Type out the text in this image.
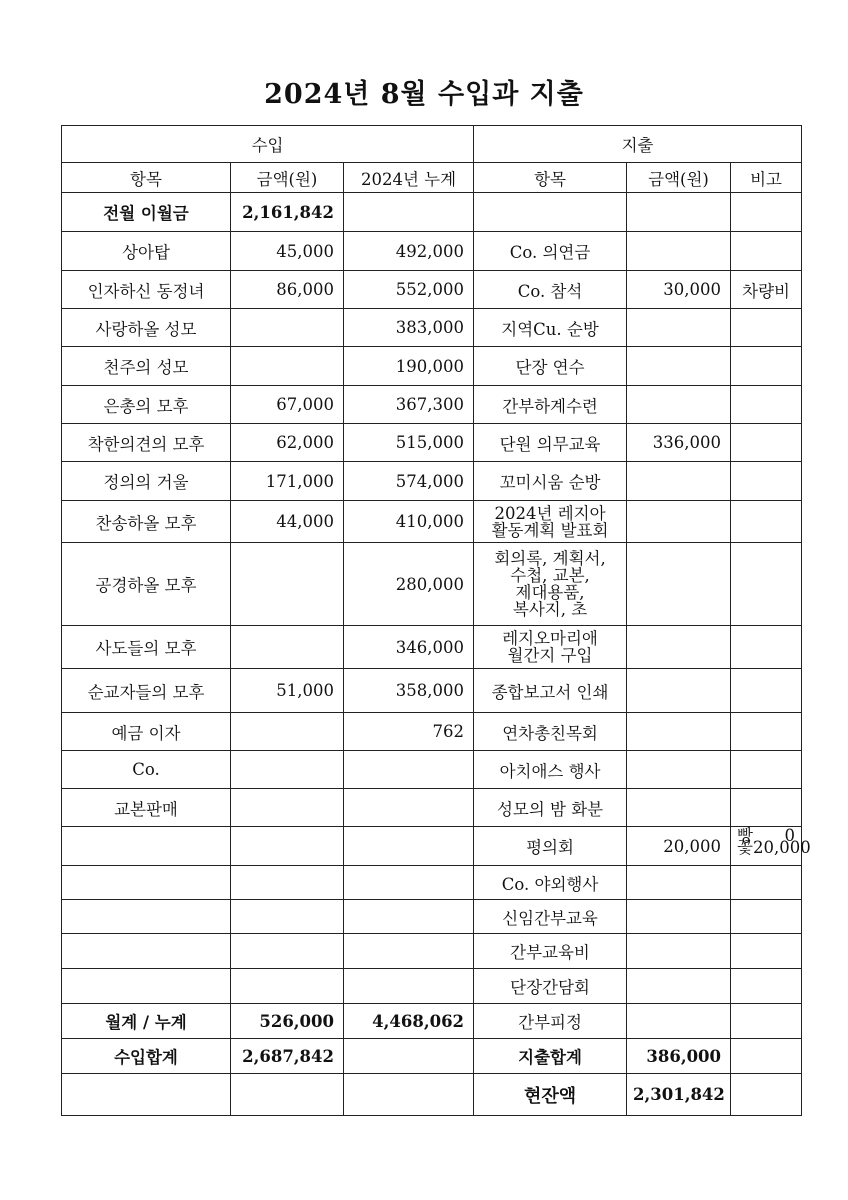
2024년 8월 수입과 지출
수입			지출		
항목	금액(원)	2024년 누계	항목	금액(원)	비고
전월 이월금	2,161,842				
상아탑	45,000	492,000	Co. 의연금		
인자하신 동정녀	86,000	552,000	Co. 참석	30,000	차량비
사랑하올 성모		383,000	지역Cu. 순방		
천주의 성모		190,000	단장 연수		
은총의 모후	67,000	367,300	간부하계수련		
착한의견의 모후	62,000	515,000	단원 의무교육	336,000	
정의의 거울	171,000	574,000	꼬미시움 순방		
찬송하올 모후	44,000	410,000	2024년 레지아
활동계획 발표회		
공경하올 모후		280,000	회의록, 계획서,
수첩, 교본,
제대용품,
복사지, 초		
사도들의 모후		346,000	레지오마리애
월간지 구입		
순교자들의 모후	51,000	358,000	종합보고서 인쇄		
예금 이자		762	연차총친목회		
Co.			아치애스 행사		
교본판매			성모의 밤 화분		
			평의회	20,000	빵      0
꽃20,000
			Co. 야외행사		
			신임간부교육		
			간부교육비		
			단장간담회		
월계 / 누계	526,000	4,468,062	간부피정		
수입합계	2,687,842		지출합계	386,000	
			현잔액	2,301,842	
